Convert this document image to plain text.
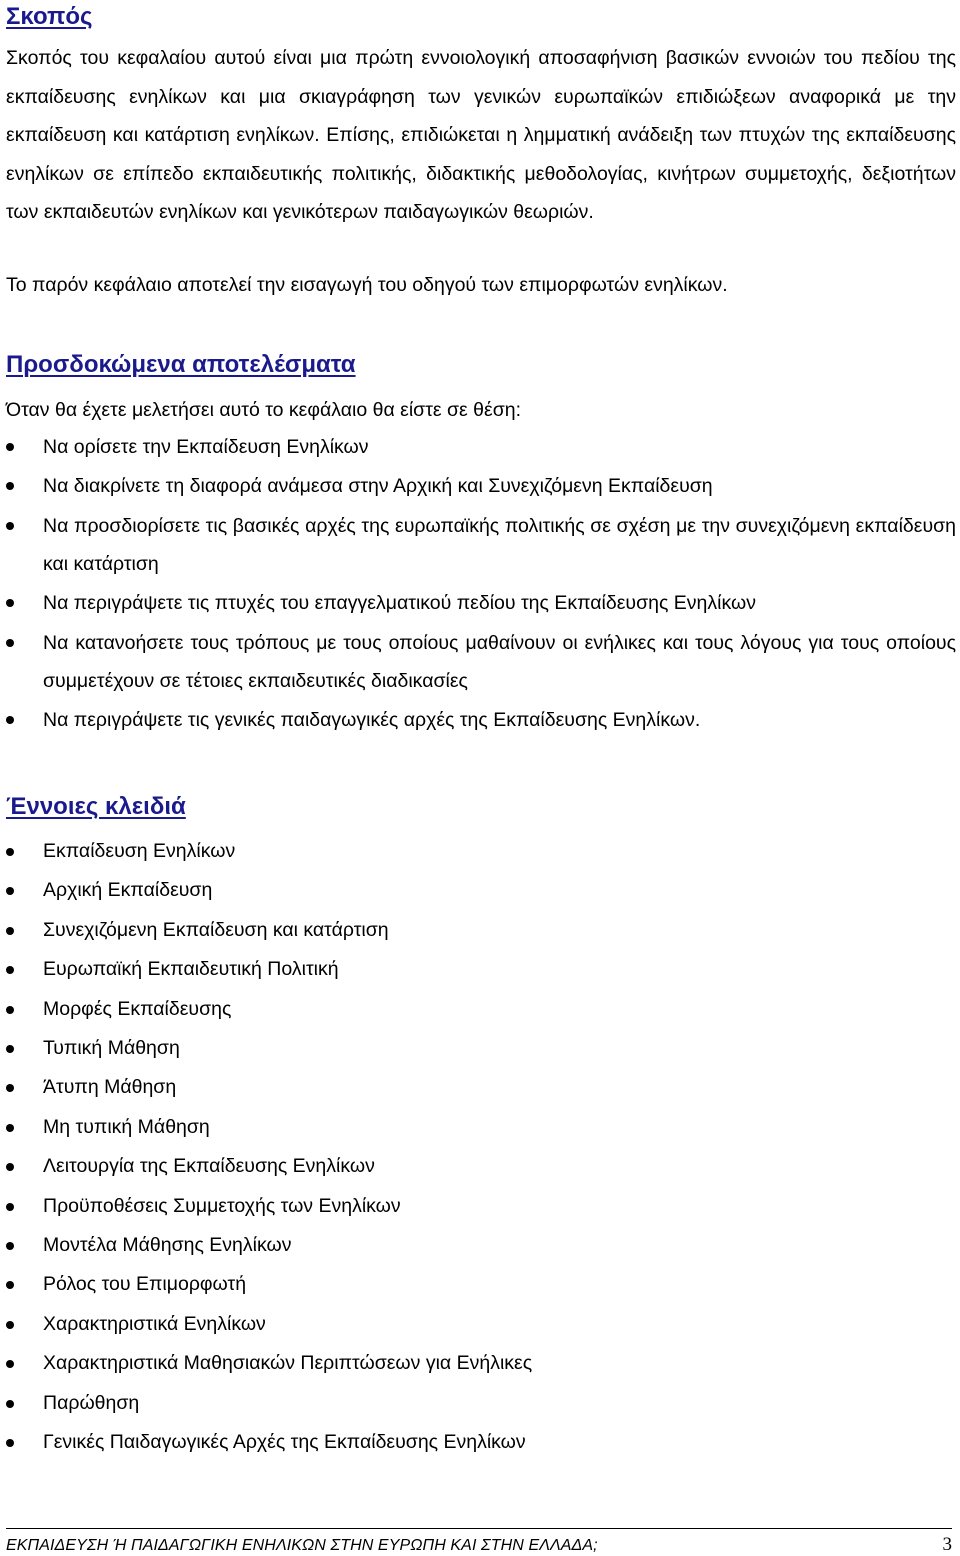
Σκοπός

Σκοπός του κεφαλαίου αυτού είναι μια πρώτη εννοιολογική αποσαφήνιση βασικών εννοιών του πεδίου της εκπαίδευσης ενηλίκων και μια σκιαγράφηση των γενικών ευρωπαϊκών επιδιώξεων αναφορικά με την εκπαίδευση και κατάρτιση ενηλίκων. Επίσης, επιδιώκεται η λημματική ανάδειξη των πτυχών της εκπαίδευσης ενηλίκων σε επίπεδο εκπαιδευτικής πολιτικής, διδακτικής μεθοδολογίας, κινήτρων συμμετοχής, δεξιοτήτων των εκπαιδευτών ενηλίκων και γενικότερων παιδαγωγικών θεωριών.

Το παρόν κεφάλαιο αποτελεί την εισαγωγή του οδηγού των επιμορφωτών ενηλίκων.

Προσδοκώμενα αποτελέσματα

Όταν θα έχετε μελετήσει αυτό το κεφάλαιο θα είστε σε θέση:

Να ορίσετε την Εκπαίδευση Ενηλίκων
Να διακρίνετε τη διαφορά ανάμεσα στην Αρχική και Συνεχιζόμενη Εκπαίδευση
Να προσδιορίσετε τις βασικές αρχές της ευρωπαϊκής πολιτικής σε σχέση με την συνεχιζόμενη εκπαίδευση και κατάρτιση
Να περιγράψετε τις πτυχές του επαγγελματικού πεδίου της Εκπαίδευσης Ενηλίκων
Να κατανοήσετε τους τρόπους με τους οποίους μαθαίνουν οι ενήλικες και τους λόγους για τους οποίους συμμετέχουν σε τέτοιες εκπαιδευτικές διαδικασίες
Να περιγράψετε τις γενικές παιδαγωγικές αρχές της Εκπαίδευσης Ενηλίκων.
Έννοιες κλειδιά
Εκπαίδευση Ενηλίκων
Αρχική Εκπαίδευση
Συνεχιζόμενη Εκπαίδευση και κατάρτιση
Ευρωπαϊκή Εκπαιδευτική Πολιτική
Μορφές Εκπαίδευσης
Τυπική Μάθηση
Άτυπη Μάθηση
Μη τυπική Μάθηση
Λειτουργία της Εκπαίδευσης Ενηλίκων
Προϋποθέσεις Συμμετοχής των Ενηλίκων
Μοντέλα Μάθησης Ενηλίκων
Ρόλος του Επιμορφωτή
Χαρακτηριστικά Ενηλίκων
Χαρακτηριστικά Μαθησιακών Περιπτώσεων για Ενήλικες
Παρώθηση
Γενικές Παιδαγωγικές Αρχές της Εκπαίδευσης Ενηλίκων
ΕΚΠΑΙΔΕΥΣΗ Ή ΠΑΙΔΑΓΩΓΙΚΗ ΕΝΗΛΙΚΩΝ ΣΤΗΝ ΕΥΡΩΠΗ ΚΑΙ ΣΤΗΝ ΕΛΛΑΔΑ;	3
